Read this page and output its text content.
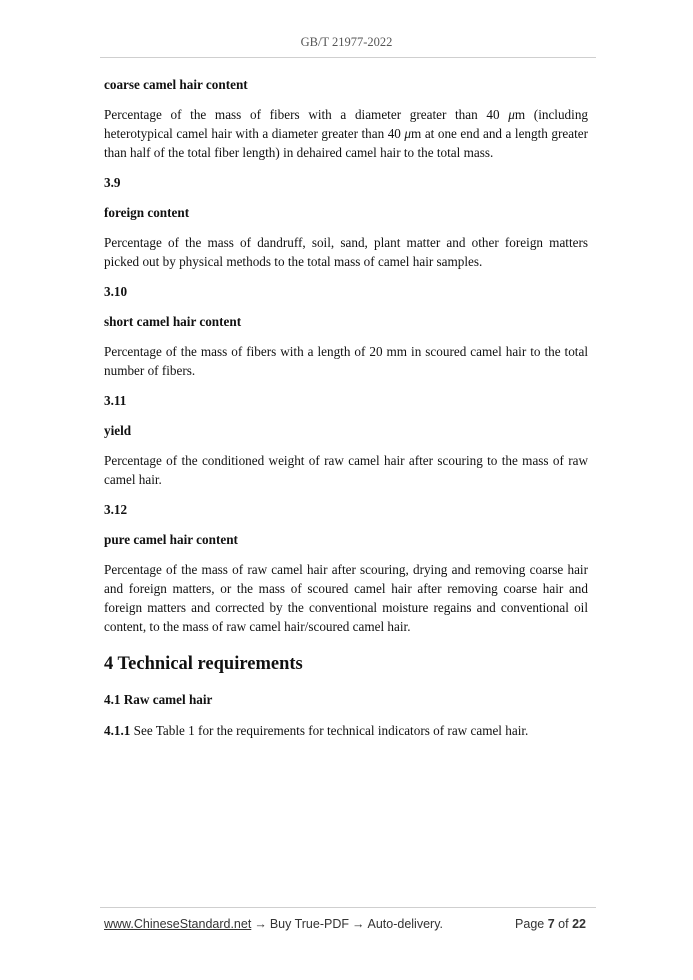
GB/T 21977-2022

coarse camel hair content

Percentage of the mass of fibers with a diameter greater than 40 μm (including heterotypical camel hair with a diameter greater than 40 μm at one end and a length greater than half of the total fiber length) in dehaired camel hair to the total mass.

3.9

foreign content

Percentage of the mass of dandruff, soil, sand, plant matter and other foreign matters picked out by physical methods to the total mass of camel hair samples.

3.10

short camel hair content

Percentage of the mass of fibers with a length of 20 mm in scoured camel hair to the total number of fibers.

3.11

yield

Percentage of the conditioned weight of raw camel hair after scouring to the mass of raw camel hair.

3.12

pure camel hair content

Percentage of the mass of raw camel hair after scouring, drying and removing coarse hair and foreign matters, or the mass of scoured camel hair after removing coarse hair and foreign matters and corrected by the conventional moisture regains and conventional oil content, to the mass of raw camel hair/scoured camel hair.

4 Technical requirements

4.1 Raw camel hair

4.1.1 See Table 1 for the requirements for technical indicators of raw camel hair.

www.ChineseStandard.net → Buy True-PDF → Auto-delivery.	Page 7 of 22
